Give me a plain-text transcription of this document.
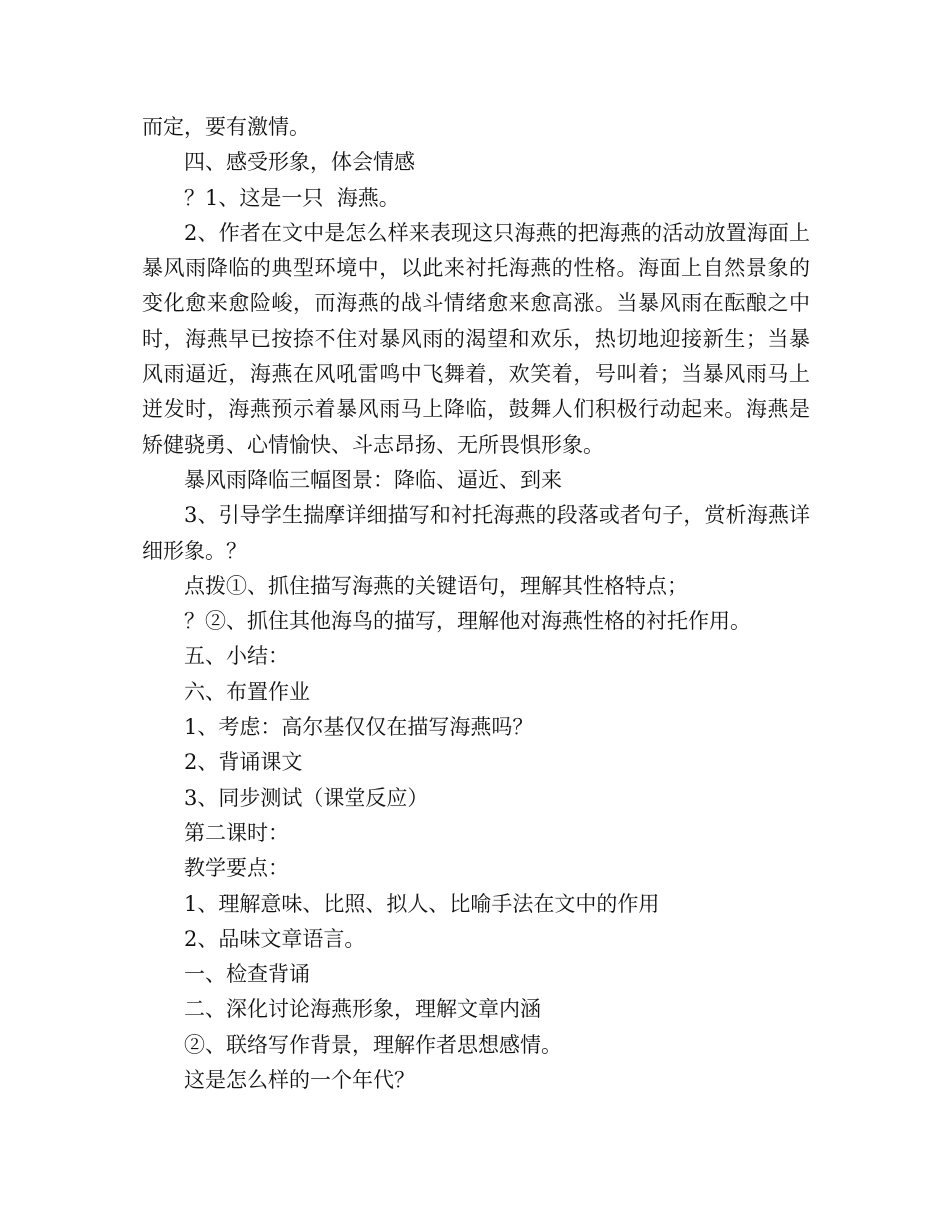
而定，要有激情。

四、感受形象，体会情感

？1、这是一只  海燕。

2、作者在文中是怎么样来表现这只海燕的把海燕的活动放置海面上暴风雨降临的典型环境中，以此来衬托海燕的性格。海面上自然景象的变化愈来愈险峻，而海燕的战斗情绪愈来愈高涨。当暴风雨在酝酿之中时，海燕早已按捺不住对暴风雨的渴望和欢乐，热切地迎接新生；当暴风雨逼近，海燕在风吼雷鸣中飞舞着，欢笑着，号叫着；当暴风雨马上迸发时，海燕预示着暴风雨马上降临，鼓舞人们积极行动起来。海燕是矫健骁勇、心情愉快、斗志昂扬、无所畏惧形象。

暴风雨降临三幅图景：降临、逼近、到来

3、引导学生揣摩详细描写和衬托海燕的段落或者句子，赏析海燕详细形象。？

点拨①、抓住描写海燕的关键语句，理解其性格特点；

？②、抓住其他海鸟的描写，理解他对海燕性格的衬托作用。

五、小结：

六、布置作业

1、考虑：高尔基仅仅在描写海燕吗？

2、背诵课文

3、同步测试（课堂反应）

第二课时：

教学要点：

1、理解意味、比照、拟人、比喻手法在文中的作用

2、品味文章语言。

一、检查背诵

二、深化讨论海燕形象，理解文章内涵

②、联络写作背景，理解作者思想感情。

这是怎么样的一个年代？
